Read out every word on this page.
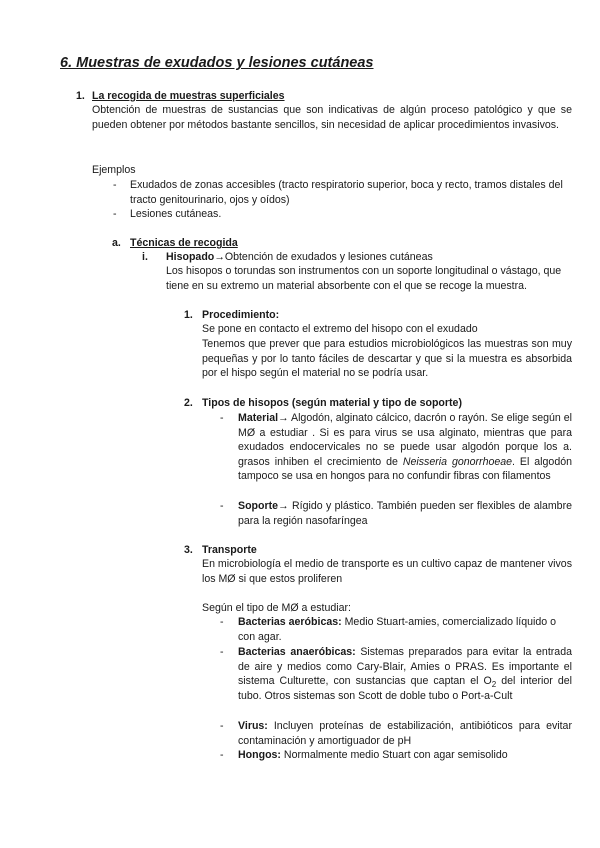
6. Muestras de exudados y lesiones cutáneas
1. La recogida de muestras superficiales

Obtención de muestras de sustancias que son indicativas de algún proceso patológico y que se pueden obtener por métodos bastante sencillos, sin necesidad de aplicar procedimientos invasivos.

Ejemplos
- Exudados de zonas accesibles (tracto respiratorio superior, boca y recto, tramos distales del tracto genitourinario, ojos y oídos)

- Lesiones cutáneas.

a. Técnicas de recogida
i. Hisopado→Obtención de exudados y lesiones cutáneas

Los hisopos o torundas son instrumentos con un soporte longitudinal o vástago, que tiene en su extremo un material absorbente con el que se recoge la muestra.

1. Procedimiento:

Se pone en contacto el extremo del hisopo con el exudado

Tenemos que prever que para estudios microbiológicos las muestras son muy pequeñas y por lo tanto fáciles de descartar y que si la muestra es absorbida por el hispo según el material no se podría usar.

2. Tipos de hisopos (según material y tipo de soporte)
- Material→ Algodón, alginato cálcico, dacrón o rayón. Se elige según el MØ a estudiar . Si es para virus se usa alginato, mientras que para exudados endocervicales no se puede usar algodón porque los a. grasos inhiben el crecimiento de Neisseria gonorrhoeae. El algodón tampoco se usa en hongos para no confundir fibras con filamentos

- Soporte→ Rígido y plástico. También pueden ser flexibles de alambre para la región nasofaríngea

3. Transporte

En microbiología el medio de transporte es un cultivo capaz de mantener vivos los MØ si que estos proliferen

Según el tipo de MØ a estudiar:
- Bacterias aeróbicas: Medio Stuart-amies, comercializado líquido o con agar.

- Bacterias anaeróbicas: Sistemas preparados para evitar la entrada de aire y medios como Cary-Blair, Amies o PRAS. Es importante el sistema Culturette, con sustancias que captan el $O_2$ del interior del tubo. Otros sistemas son Scott de doble tubo o Port-a-Cult

- Virus: Incluyen proteínas de estabilización, antibióticos para evitar contaminación y amortiguador de pH

- Hongos: Normalmente medio Stuart con agar semisolido
